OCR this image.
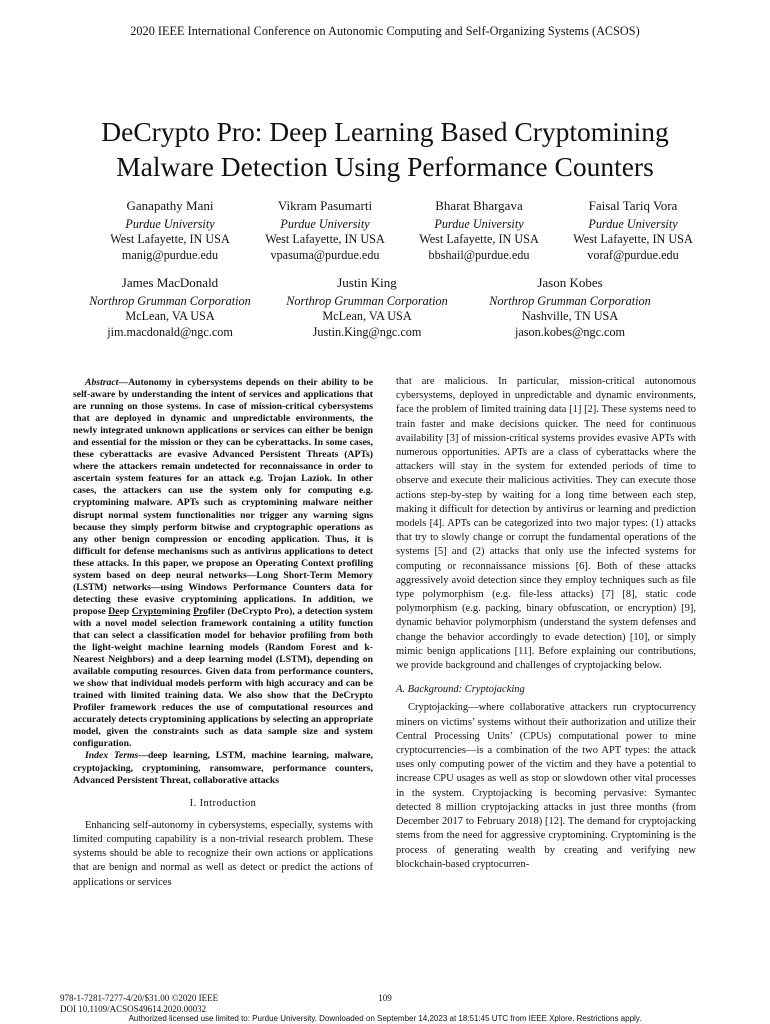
2020 IEEE International Conference on Autonomic Computing and Self-Organizing Systems (ACSOS)
DeCrypto Pro: Deep Learning Based Cryptomining
Malware Detection Using Performance Counters
Ganapathy Mani
Purdue University
West Lafayette, IN USA
manig@purdue.edu
Vikram Pasumarti
Purdue University
West Lafayette, IN USA
vpasuma@purdue.edu
Bharat Bhargava
Purdue University
West Lafayette, IN USA
bbshail@purdue.edu
Faisal Tariq Vora
Purdue University
West Lafayette, IN USA
voraf@purdue.edu
James MacDonald
Northrop Grumman Corporation
McLean, VA USA
jim.macdonald@ngc.com
Justin King
Northrop Grumman Corporation
McLean, VA USA
Justin.King@ngc.com
Jason Kobes
Northrop Grumman Corporation
Nashville, TN USA
jason.kobes@ngc.com

Abstract—Autonomy in cybersystems depends on their ability to be self-aware by understanding the intent of services and applications that are running on those systems. In case of mission-critical cybersystems that are deployed in dynamic and unpredictable environments, the newly integrated unknown applications or services can either be benign and essential for the mission or they can be cyberattacks. In some cases, these cyberattacks are evasive Advanced Persistent Threats (APTs) where the attackers remain undetected for reconnaissance in order to ascertain system features for an attack e.g. Trojan Laziok. In other cases, the attackers can use the system only for computing e.g. cryptomining malware. APTs such as cryptomining malware neither disrupt normal system functionalities nor trigger any warning signs because they simply perform bitwise and cryptographic operations as any other benign compression or encoding application. Thus, it is difficult for defense mechanisms such as antivirus applications to detect these attacks. In this paper, we propose an Operating Context profiling system based on deep neural networks—Long Short-Term Memory (LSTM) networks—using Windows Performance Counters data for detecting these evasive cryptomining applications. In addition, we propose Deep Cryptomining Profiler (DeCrypto Pro), a detection system with a novel model selection framework containing a utility function that can select a classification model for behavior profiling from both the light-weight machine learning models (Random Forest and k-Nearest Neighbors) and a deep learning model (LSTM), depending on available computing resources. Given data from performance counters, we show that individual models perform with high accuracy and can be trained with limited training data. We also show that the DeCrypto Profiler framework reduces the use of computational resources and accurately detects cryptomining applications by selecting an appropriate model, given the constraints such as data sample size and system configuration.

Index Terms—deep learning, LSTM, machine learning, malware, cryptojacking, cryptomining, ransomware, performance counters, Advanced Persistent Threat, collaborative attacks

I. Introduction

Enhancing self-autonomy in cybersystems, especially, systems with limited computing capability is a non-trivial research problem. These systems should be able to recognize their own actions or applications that are benign and normal as well as detect or predict the actions of applications or services

that are malicious. In particular, mission-critical autonomous cybersystems, deployed in unpredictable and dynamic environments, face the problem of limited training data [1] [2]. These systems need to train faster and make decisions quicker. The need for continuous availability [3] of mission-critical systems provides evasive APTs with numerous opportunities. APTs are a class of cyberattacks where the attackers will stay in the system for extended periods of time to observe and execute their malicious activities. They can execute those actions step-by-step by waiting for a long time between each step, making it difficult for detection by antivirus or learning and prediction models [4]. APTs can be categorized into two major types: (1) attacks that try to slowly change or corrupt the fundamental operations of the systems [5] and (2) attacks that only use the infected systems for computing or reconnaissance missions [6]. Both of these attacks aggressively avoid detection since they employ techniques such as file type polymorphism (e.g. file-less attacks) [7] [8], static code polymorphism (e.g. packing, binary obfuscation, or encryption) [9], dynamic behavior polymorphism (understand the system defenses and change the behavior accordingly to evade detection) [10], or simply mimic benign applications [11]. Before explaining our contributions, we provide background and challenges of cryptojacking below.

A. Background: Cryptojacking

Cryptojacking—where collaborative attackers run cryptocurrency miners on victims’ systems without their authorization and utilize their Central Processing Units’ (CPUs) computational power to mine cryptocurrencies—is a combination of the two APT types: the attack uses only computing power of the victim and they have a potential to increase CPU usages as well as stop or slowdown other vital processes in the system. Cryptojacking is becoming pervasive: Symantec detected 8 million cryptojacking attacks in just three months (from December 2017 to February 2018) [12]. The demand for cryptojacking stems from the need for aggressive cryptomining. Cryptomining is the process of generating wealth by creating and verifying new blockchain-based cryptocurren-

978-1-7281-7277-4/20/$31.00 ©2020 IEEE
DOI 10.1109/ACSOS49614.2020.00032
109
Authorized licensed use limited to: Purdue University. Downloaded on September 14,2023 at 18:51:45 UTC from IEEE Xplore. Restrictions apply.
